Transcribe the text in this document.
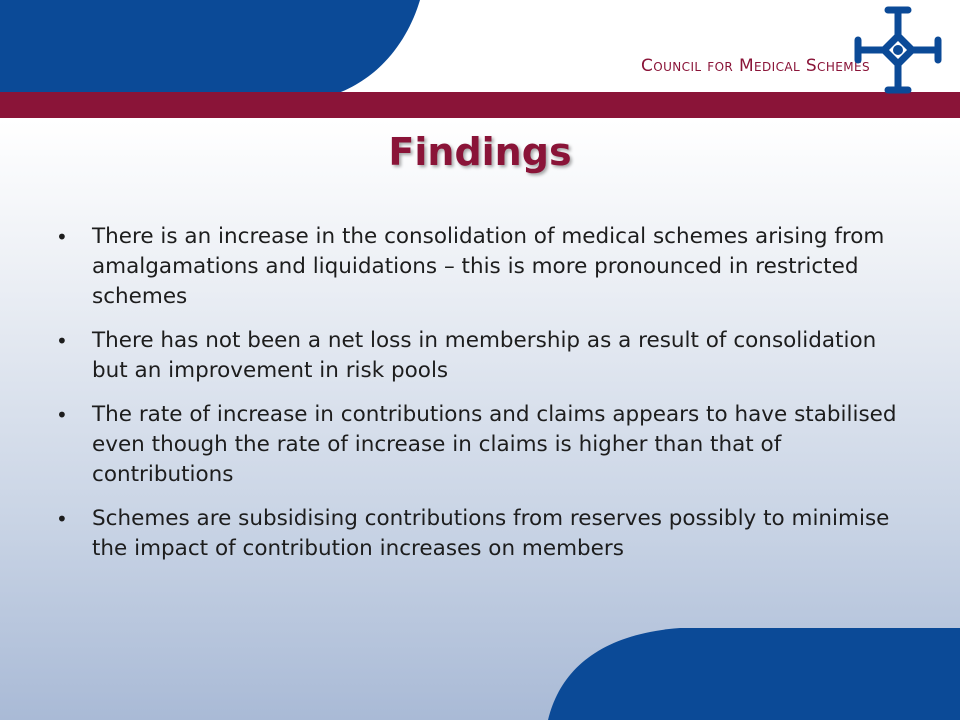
Council for Medical Schemes
Findings
• There is an increase in the consolidation of medical schemes arising from amalgamations and liquidations – this is more pronounced in restricted schemes
• There has not been a net loss in membership as a result of consolidation but an improvement in risk pools
• The rate of increase in contributions and claims appears to have stabilised even though the rate of increase in claims is higher than that of contributions
• Schemes are subsidising contributions from reserves possibly to minimise the impact of contribution increases on members
